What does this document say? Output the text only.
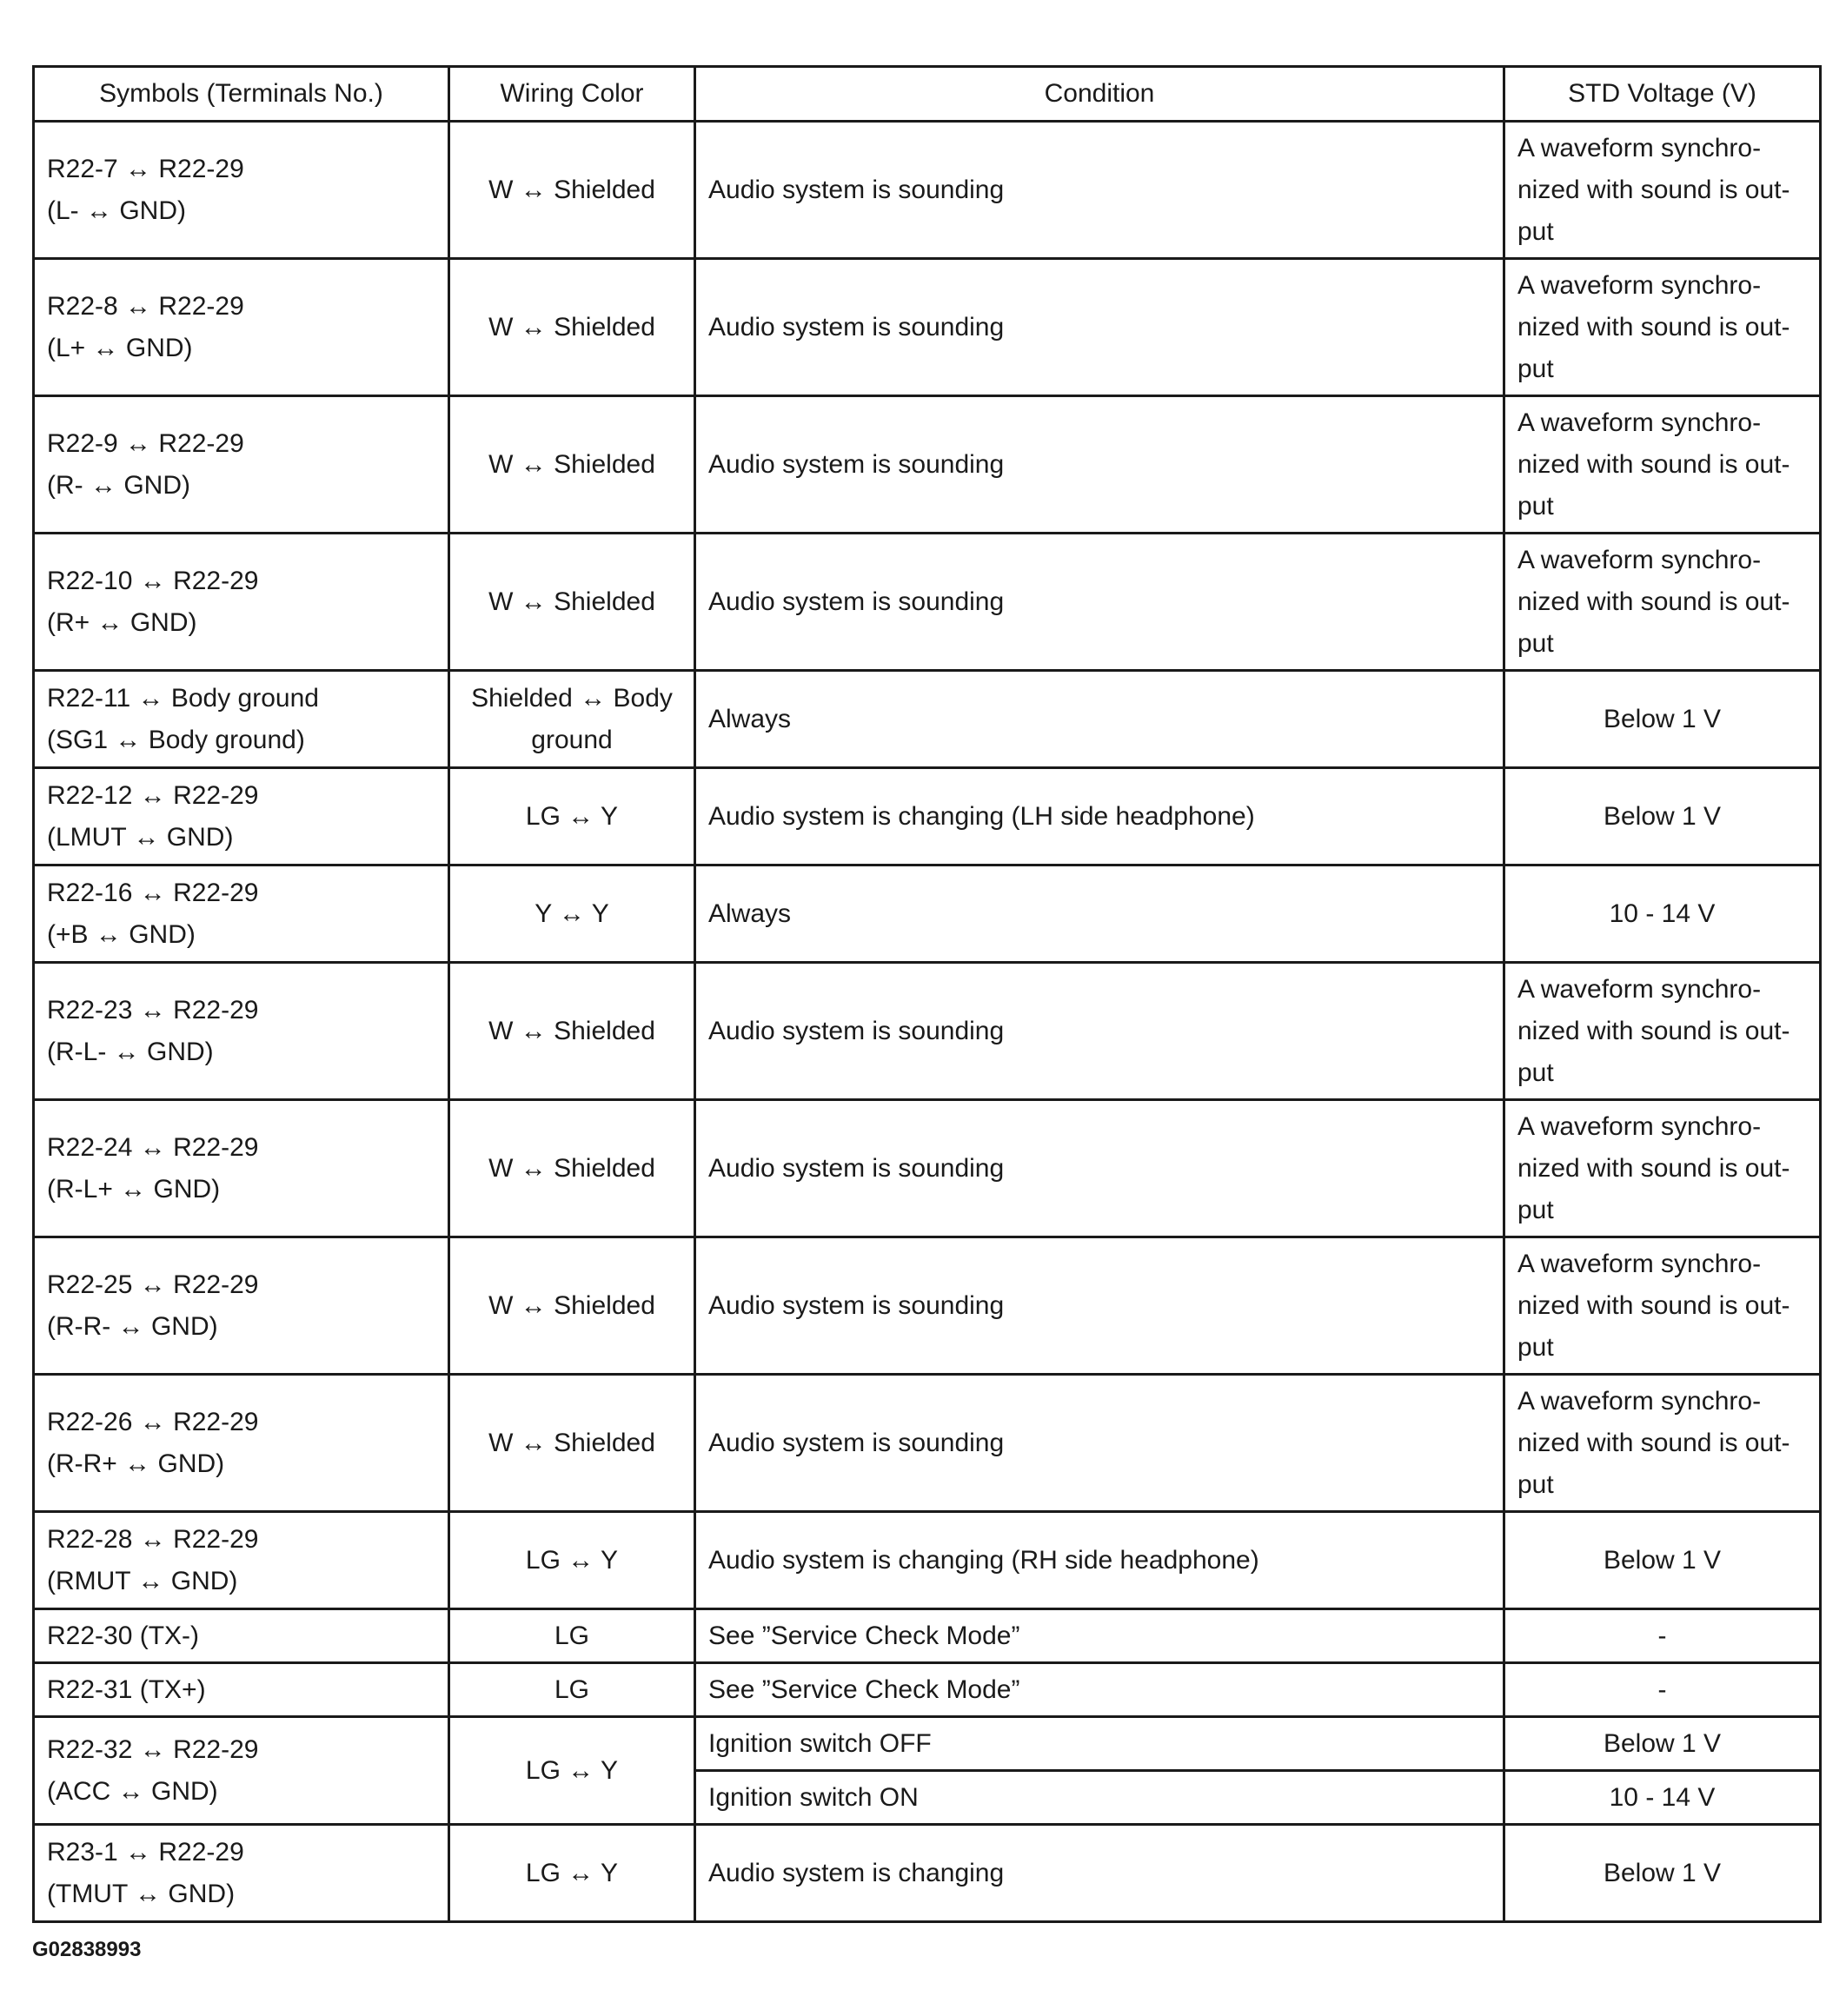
Symbols (Terminals No.)	Wiring Color	Condition	STD Voltage (V)

R22-7 ↔ R22-29
(L- ↔ GND)	W ↔ Shielded	Audio system is sounding	A waveform synchro-
nized with sound is out-
put

R22-8 ↔ R22-29
(L+ ↔ GND)	W ↔ Shielded	Audio system is sounding	A waveform synchro-
nized with sound is out-
put

R22-9 ↔ R22-29
(R- ↔ GND)	W ↔ Shielded	Audio system is sounding	A waveform synchro-
nized with sound is out-
put

R22-10 ↔ R22-29
(R+ ↔ GND)	W ↔ Shielded	Audio system is sounding	A waveform synchro-
nized with sound is out-
put

R22-11 ↔ Body ground
(SG1 ↔ Body ground)	Shielded ↔ Body ground	Always	Below 1 V

R22-12 ↔ R22-29
(LMUT ↔ GND)	LG ↔ Y	Audio system is changing (LH side headphone)	Below 1 V

R22-16 ↔ R22-29
(+B ↔ GND)	Y ↔ Y	Always	10 - 14 V

R22-23 ↔ R22-29
(R-L- ↔ GND)	W ↔ Shielded	Audio system is sounding	A waveform synchro-
nized with sound is out-
put

R22-24 ↔ R22-29
(R-L+ ↔ GND)	W ↔ Shielded	Audio system is sounding	A waveform synchro-
nized with sound is out-
put

R22-25 ↔ R22-29
(R-R- ↔ GND)	W ↔ Shielded	Audio system is sounding	A waveform synchro-
nized with sound is out-
put

R22-26 ↔ R22-29
(R-R+ ↔ GND)	W ↔ Shielded	Audio system is sounding	A waveform synchro-
nized with sound is out-
put

R22-28 ↔ R22-29
(RMUT ↔ GND)	LG ↔ Y	Audio system is changing (RH side headphone)	Below 1 V

R22-30 (TX-)	LG	See ”Service Check Mode”	-

R22-31 (TX+)	LG	See ”Service Check Mode”	-

R22-32 ↔ R22-29
(ACC ↔ GND)	LG ↔ Y	Ignition switch OFF	Below 1 V
		Ignition switch ON	10 - 14 V

R23-1 ↔ R22-29
(TMUT ↔ GND)	LG ↔ Y	Audio system is changing	Below 1 V
G02838993
